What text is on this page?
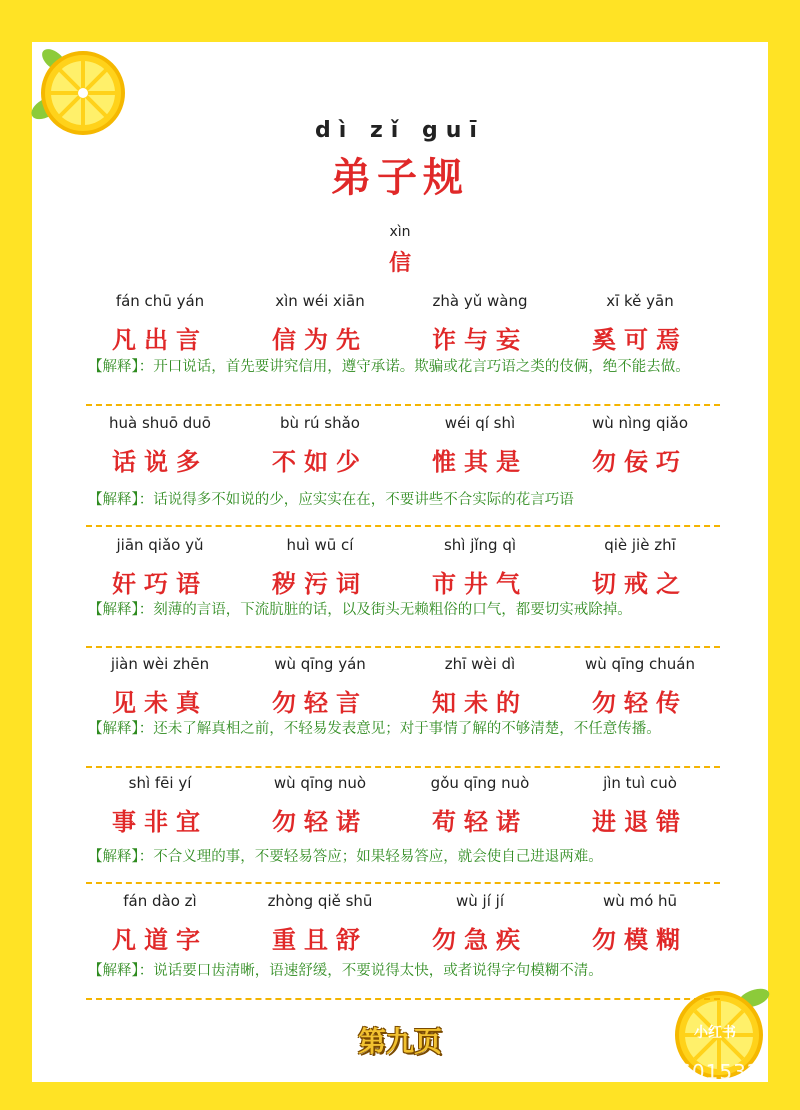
dì zǐ guī
弟子规
xìn
信
fán chū yán	xìn wéi xiān	zhà yǔ wàng	xī kě yān
凡出言	信为先	诈与妄	奚可焉
【解释】：开口说话，首先要讲究信用，遵守承诺。欺骗或花言巧语之类的伎俩，绝不能去做。
huà shuō duō	bù rú shǎo	wéi qí shì	wù nìng qiǎo
话说多	不如少	惟其是	勿佞巧
【解释】：话说得多不如说的少，应实实在在，不要讲些不合实际的花言巧语
jiān qiǎo yǔ	huì wū cí	shì jǐng qì	qiè jiè zhī
奸巧语	秽污词	市井气	切戒之
【解释】：刻薄的言语，下流肮脏的话，以及街头无赖粗俗的口气，都要切实戒除掉。
jiàn wèi zhēn	wù qīng yán	zhī wèi dì	wù qīng chuán
见未真	勿轻言	知未的	勿轻传
【解释】：还未了解真相之前，不轻易发表意见；对于事情了解的不够清楚，不任意传播。
shì fēi yí	wù qīng nuò	gǒu qīng nuò	jìn tuì cuò
事非宜	勿轻诺	苟轻诺	进退错
【解释】：不合义理的事，不要轻易答应；如果轻易答应，就会使自己进退两难。
fán dào zì	zhòng qiě shū	wù jí jí	wù mó hū
凡道字	重且舒	勿急疾	勿模糊
【解释】：说话要口齿清晰，语速舒缓，不要说得太快，或者说得字句模糊不清。
第九页	小红书
小红书号：776601532
